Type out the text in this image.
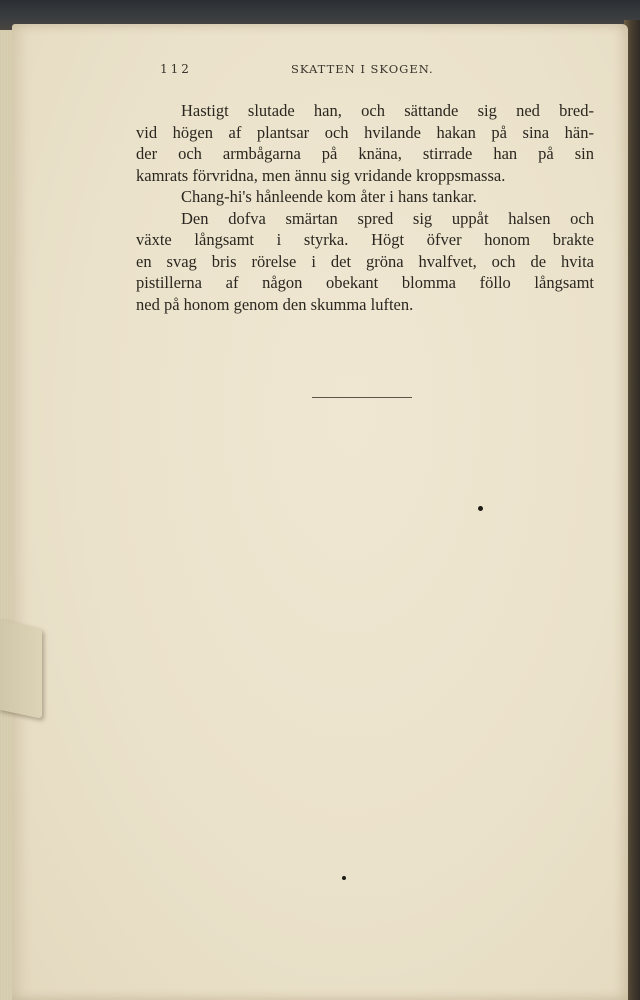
112	SKATTEN I SKOGEN.
Hastigt slutade han, och sättande sig ned bred-
vid högen af plantsar och hvilande hakan på sina hän-
der och armbågarna på knäna, stirrade han på sin
kamrats förvridna, men ännu sig vridande kroppsmassa.
Chang-hi's hånleende kom åter i hans tankar.
Den dofva smärtan spred sig uppåt halsen och
växte långsamt i styrka. Högt öfver honom brakte
en svag bris rörelse i det gröna hvalfvet, och de hvita
pistillerna af någon obekant blomma föllo långsamt
ned på honom genom den skumma luften.
